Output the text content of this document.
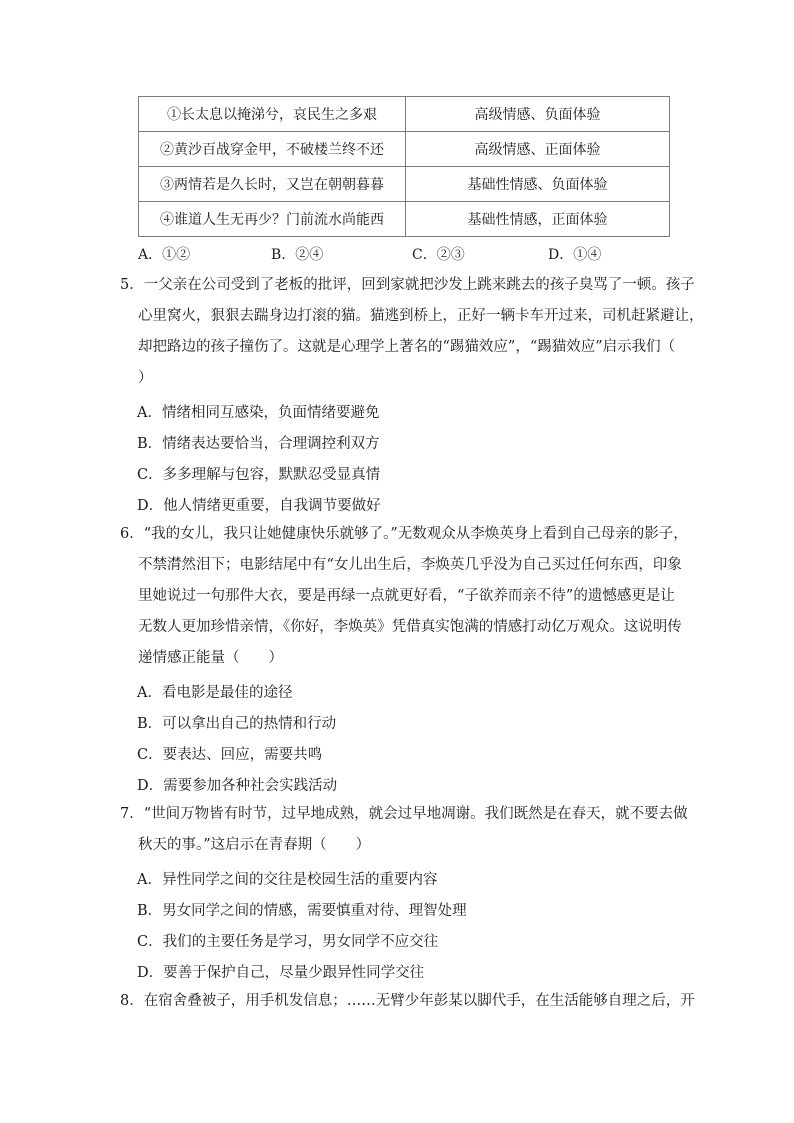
①长太息以掩涕兮，哀民生之多艰	高级情感、负面体验
②黄沙百战穿金甲，不破楼兰终不还	高级情感、正面体验
③两情若是久长时，又岂在朝朝暮暮	基础性情感、负面体验
④谁道人生无再少？门前流水尚能西	基础性情感，正面体验
A．①②	B．②④	C．②③	D．①④
5．一父亲在公司受到了老板的批评，回到家就把沙发上跳来跳去的孩子臭骂了一顿。孩子
心里窝火，狠狠去踹身边打滚的猫。猫逃到桥上，正好一辆卡车开过来，司机赶紧避让，
却把路边的孩子撞伤了。这就是心理学上著名的“踢猫效应”，“踢猫效应”启示我们（
）
A．情绪相同互感染，负面情绪要避免
B．情绪表达要恰当，合理调控利双方
C．多多理解与包容，默默忍受显真情
D．他人情绪更重要，自我调节要做好
6．“我的女儿，我只让她健康快乐就够了。”无数观众从李焕英身上看到自己母亲的影子，
不禁潸然泪下；电影结尾中有“女儿出生后，李焕英几乎没为自己买过任何东西，印象
里她说过一句那件大衣，要是再绿一点就更好看，“子欲养而亲不待”的遗憾感更是让
无数人更加珍惜亲情，《你好，李焕英》凭借真实饱满的情感打动亿万观众。这说明传
递情感正能量（　　）
A．看电影是最佳的途径
B．可以拿出自己的热情和行动
C．要表达、回应，需要共鸣
D．需要参加各种社会实践活动
7．“世间万物皆有时节，过早地成熟，就会过早地凋谢。我们既然是在春天，就不要去做
秋天的事。”这启示在青春期（　　）
A．异性同学之间的交往是校园生活的重要内容
B．男女同学之间的情感，需要慎重对待、理智处理
C．我们的主要任务是学习，男女同学不应交往
D．要善于保护自己，尽量少跟异性同学交往
8．在宿舍叠被子，用手机发信息；……无臂少年彭某以脚代手，在生活能够自理之后，开
